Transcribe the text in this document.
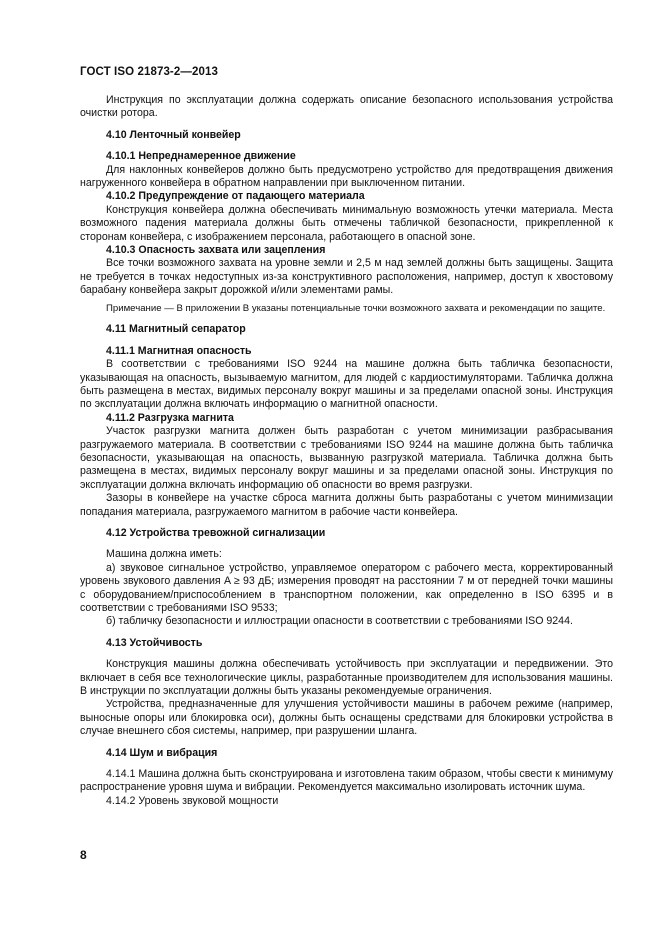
ГОСТ ISO 21873-2—2013

Инструкция по эксплуатации должна содержать описание безопасного использования устройства очистки ротора.

4.10 Ленточный конвейер

4.10.1 Непреднамеренное движение

Для наклонных конвейеров должно быть предусмотрено устройство для предотвращения движения нагруженного конвейера в обратном направлении при выключенном питании.

4.10.2 Предупреждение от падающего материала

Конструкция конвейера должна обеспечивать минимальную возможность утечки материала. Места возможного падения материала должны быть отмечены табличкой безопасности, прикрепленной к сторонам конвейера, с изображением персонала, работающего в опасной зоне.

4.10.3 Опасность захвата или зацепления

Все точки возможного захвата на уровне земли и 2,5 м над землей должны быть защищены. Защита не требуется в точках недоступных из-за конструктивного расположения, например, доступ к хвостовому барабану конвейера закрыт дорожкой и/или элементами рамы.

Примечание — В приложении В указаны потенциальные точки возможного захвата и рекомендации по защите.

4.11 Магнитный сепаратор

4.11.1 Магнитная опасность

В соответствии с требованиями ISO 9244 на машине должна быть табличка безопасности, указывающая на опасность, вызываемую магнитом, для людей с кардиостимуляторами. Табличка должна быть размещена в местах, видимых персоналу вокруг машины и за пределами опасной зоны. Инструкция по эксплуатации должна включать информацию о магнитной опасности.

4.11.2 Разгрузка магнита

Участок разгрузки магнита должен быть разработан с учетом минимизации разбрасывания разгружаемого материала. В соответствии с требованиями ISO 9244 на машине должна быть табличка безопасности, указывающая на опасность, вызванную разгрузкой материала. Табличка должна быть размещена в местах, видимых персоналу вокруг машины и за пределами опасной зоны. Инструкция по эксплуатации должна включать информацию об опасности во время разгрузки.

Зазоры в конвейере на участке сброса магнита должны быть разработаны с учетом минимизации попадания материала, разгружаемого магнитом в рабочие части конвейера.

4.12 Устройства тревожной сигнализации

Машина должна иметь:

а) звуковое сигнальное устройство, управляемое оператором с рабочего места, корректированный уровень звукового давления A ≥ 93 дБ; измерения проводят на расстоянии 7 м от передней точки машины с оборудованием/приспособлением в транспортном положении, как определенно в ISO 6395 и в соответствии с требованиями ISO 9533;

б) табличку безопасности и иллюстрации опасности в соответствии с требованиями ISO 9244.

4.13 Устойчивость

Конструкция машины должна обеспечивать устойчивость при эксплуатации и передвижении. Это включает в себя все технологические циклы, разработанные производителем для использования машины. В инструкции по эксплуатации должны быть указаны рекомендуемые ограничения.

Устройства, предназначенные для улучшения устойчивости машины в рабочем режиме (например, выносные опоры или блокировка оси), должны быть оснащены средствами для блокировки устройства в случае внешнего сбоя системы, например, при разрушении шланга.

4.14 Шум и вибрация

4.14.1 Машина должна быть сконструирована и изготовлена таким образом, чтобы свести к минимуму распространение уровня шума и вибрации. Рекомендуется максимально изолировать источник шума.

4.14.2 Уровень звуковой мощности

8
